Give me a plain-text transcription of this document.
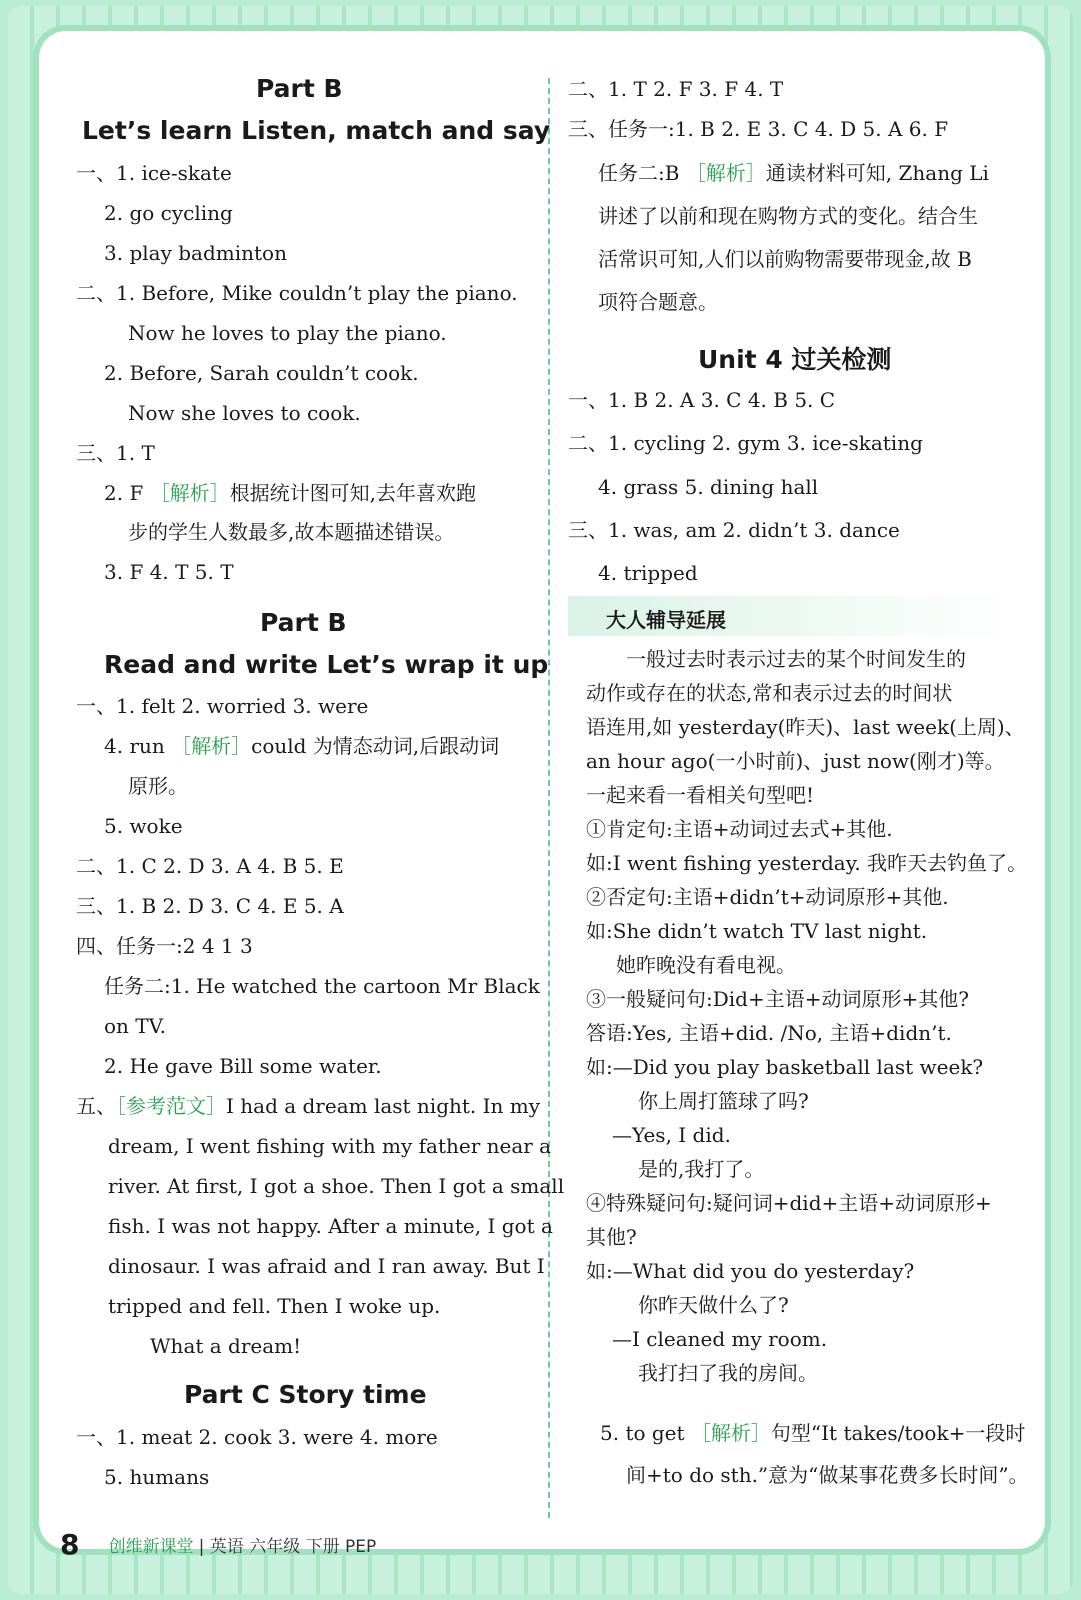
Part B
Let’s learn Listen, match and say
一、1. ice-skate
2. go cycling
3. play badminton
二、1. Before, Mike couldn’t play the piano.
Now he loves to play the piano.
2. Before, Sarah couldn’t cook.
Now she loves to cook.
三、1. T
2. F ［解析］根据统计图可知,去年喜欢跑
步的学生人数最多,故本题描述错误。
3. F 4. T 5. T
Part B
Read and write Let’s wrap it up
一、1. felt 2. worried 3. were
4. run ［解析］could 为情态动词,后跟动词
原形。
5. woke
二、1. C 2. D 3. A 4. B 5. E
三、1. B 2. D 3. C 4. E 5. A
四、任务一:2 4 1 3
任务二:1. He watched the cartoon Mr Black
on TV.
2. He gave Bill some water.
五、［参考范文］I had a dream last night. In my
dream, I went fishing with my father near a
river. At first, I got a shoe. Then I got a small
fish. I was not happy. After a minute, I got a
dinosaur. I was afraid and I ran away. But I
tripped and fell. Then I woke up.
What a dream!
Part C Story time
一、1. meat 2. cook 3. were 4. more
5. humans
二、1. T 2. F 3. F 4. T
三、任务一:1. B 2. E 3. C 4. D 5. A 6. F
任务二:B ［解析］通读材料可知, Zhang Li
讲述了以前和现在购物方式的变化。结合生
活常识可知,人们以前购物需要带现金,故 B
项符合题意。
Unit 4 过关检测
一、1. B 2. A 3. C 4. B 5. C
二、1. cycling 2. gym 3. ice-skating
4. grass 5. dining hall
三、1. was, am 2. didn’t 3. dance
4. tripped
大人辅导延展
一般过去时表示过去的某个时间发生的
动作或存在的状态,常和表示过去的时间状
语连用,如 yesterday(昨天)、last week(上周)、
an hour ago(一小时前)、just now(刚才)等。
一起来看一看相关句型吧!
①肯定句:主语+动词过去式+其他.
如:I went fishing yesterday. 我昨天去钓鱼了。
②否定句:主语+didn’t+动词原形+其他.
如:She didn’t watch TV last night.
她昨晚没有看电视。
③一般疑问句:Did+主语+动词原形+其他?
答语:Yes, 主语+did. /No, 主语+didn’t.
如:—Did you play basketball last week?
你上周打篮球了吗?
—Yes, I did.
是的,我打了。
④特殊疑问句:疑问词+did+主语+动词原形+
其他?
如:—What did you do yesterday?
你昨天做什么了?
—I cleaned my room.
我打扫了我的房间。
5. to get ［解析］句型“It takes/took+一段时
间+to do sth.”意为“做某事花费多长时间”。
8 创维新课堂 | 英语 六年级 下册 PEP
